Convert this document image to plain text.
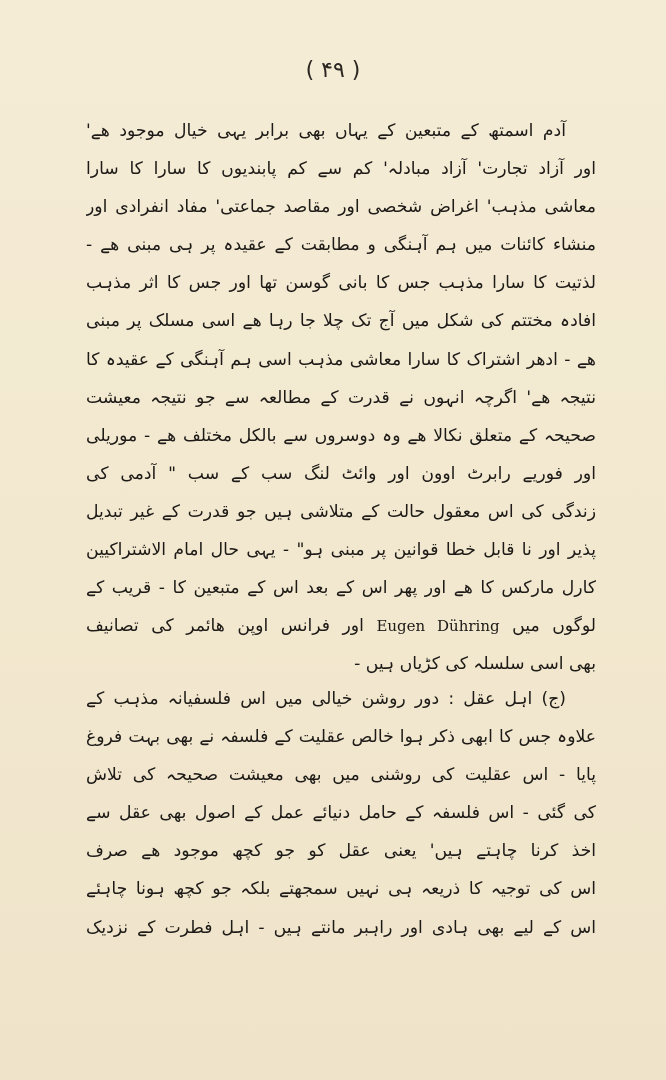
( ۴۹ )
آدم اسمتھ کے متبعین کے یہاں بھی برابر یہی خیال موجود ھے'
اور آزاد تجارت' آزاد مبادلہ' کم سے کم پابندیوں کا سارا کا سارا
معاشی مذہب' اغراض شخصی اور مقاصد جماعتی' مفاد انفرادی اور
منشاء کائنات میں ہم آہنگی و مطابقت کے عقیدہ پر ہی مبنی ھے -
لذتیت کا سارا مذہب جس کا بانی گوسن تھا اور جس کا اثر مذہب
افادہ مختتم کی شکل میں آج تک چلا جا رہا ھے اسی مسلک پر مبنی
ھے - ادھر اشتراک کا سارا معاشی مذہب اسی ہم آہنگی کے عقیدہ کا
نتیجہ ھے' اگرچہ انہوں نے قدرت کے مطالعہ سے جو نتیجہ معیشت
صحیحہ کے متعلق نکالا ھے وہ دوسروں سے بالکل مختلف ھے - موریلی
اور فوریے رابرٹ اوون اور وائٹ لنگ سب کے سب " آدمی کی
زندگی کی اس معقول حالت کے متلاشی ہیں جو قدرت کے غیر تبدیل
پذیر اور نا قابل خطا قوانین پر مبنی ہو" - یہی حال امام الاشتراکیین
کارل مارکس کا ھے اور پھر اس کے بعد اس کے متبعین کا - قریب کے
لوگوں میں Eugen Dühring اور فرانس اوپن ھائمر کی تصانیف
بھی اسی سلسلہ کی کڑیاں ہیں -
(ج) اہل عقل : دور روشن خیالی میں اس فلسفیانہ مذہب کے
علاوہ جس کا ابھی ذکر ہوا خالص عقلیت کے فلسفہ نے بھی بہت فروغ
پایا - اس عقلیت کی روشنی میں بھی معیشت صحیحہ کی تلاش
کی گئی - اس فلسفہ کے حامل دنیائے عمل کے اصول بھی عقل سے
اخذ کرنا چاہتے ہیں' یعنی عقل کو جو کچھ موجود ھے صرف
اس کی توجیہ کا ذریعہ ہی نہیں سمجھتے بلکہ جو کچھ ہونا چاہئے
اس کے لیے بھی ہادی اور راہبر مانتے ہیں - اہل فطرت کے نزدیک
